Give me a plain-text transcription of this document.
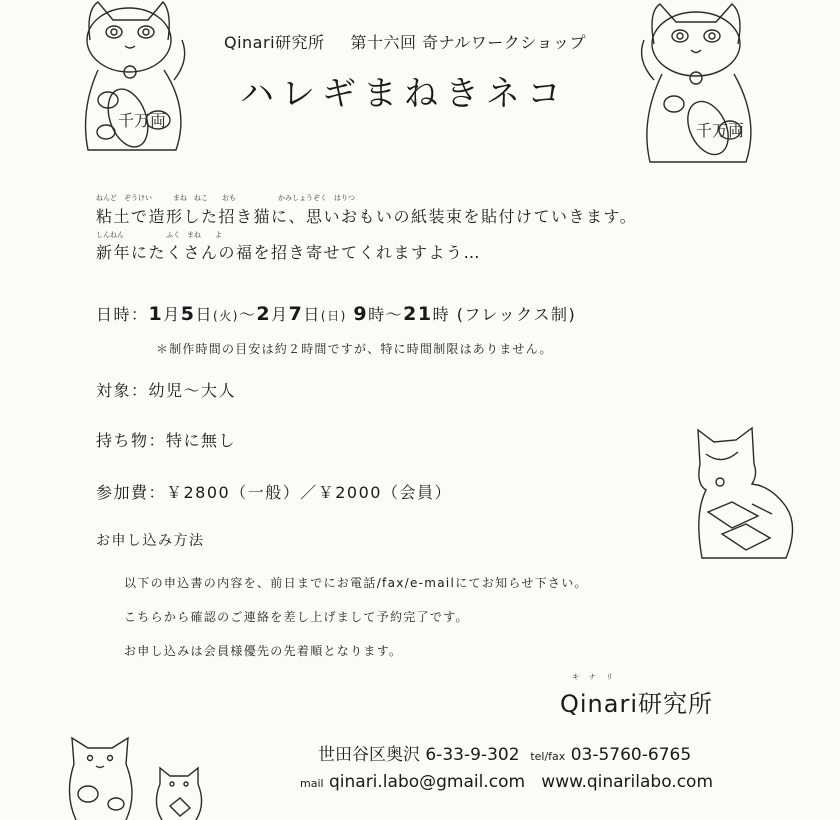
千万両
千万両
Qinari研究所 第十六回 奇ナルワークショップ
ハレギまねきネコ
ねんど　ぞうけい　　　まね　ねこ　　おも　　　　　　かみしょうぞく　はりつ
粘土で造形した招き猫に、思いおもいの紙装束を貼付けていきます。
しんねん　　　　　　ふく　まね　　よ
新年にたくさんの福を招き寄せてくれますよう…
日時：1月5日(火)〜2月7日(日) 9時〜21時 (フレックス制)
＊制作時間の目安は約２時間ですが、特に時間制限はありません。
対象：幼児〜大人
持ち物：特に無し
参加費：￥2800（一般）／￥2000（会員）
お申し込み方法
以下の申込書の内容を、前日までにお電話/fax/e-mailにてお知らせ下さい。
こちらから確認のご連絡を差し上げまして予約完了です。
お申し込みは会員様優先の先着順となります。
キナリ
Qinari研究所
世田谷区奥沢 6-33-9-302 tel/fax 03-5760-6765
mail qinari.labo@gmail.com www.qinarilabo.com
